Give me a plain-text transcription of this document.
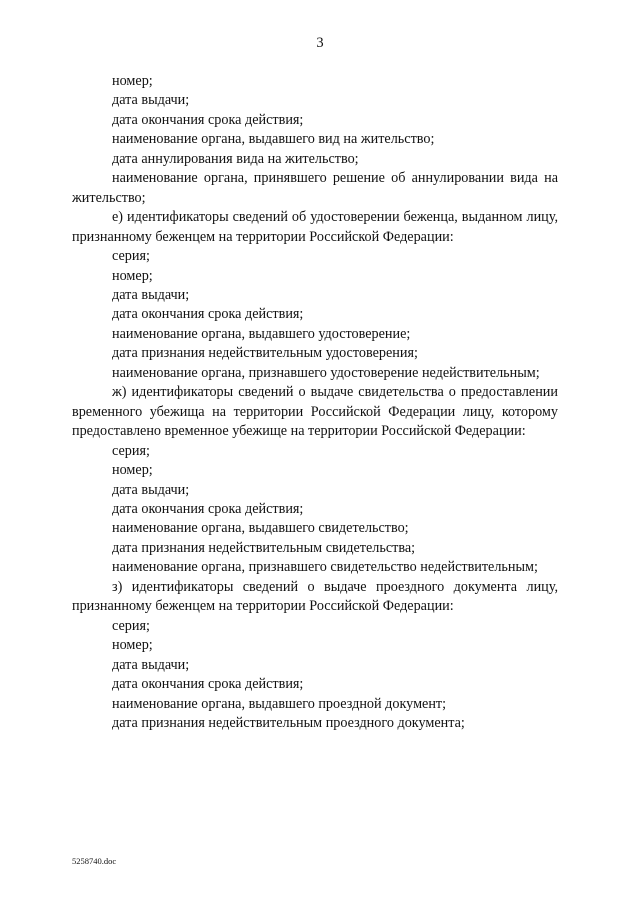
3

номер;

дата выдачи;

дата окончания срока действия;

наименование органа, выдавшего вид на жительство;

дата аннулирования вида на жительство;

наименование органа, принявшего решение об аннулировании вида на жительство;

е) идентификаторы сведений об удостоверении беженца, выданном лицу, признанному беженцем на территории Российской Федерации:

серия;

номер;

дата выдачи;

дата окончания срока действия;

наименование органа, выдавшего удостоверение;

дата признания недействительным удостоверения;

наименование органа, признавшего удостоверение недействительным;

ж) идентификаторы сведений о выдаче свидетельства о предоставлении временного убежища на территории Российской Федерации лицу, которому предоставлено временное убежище на территории Российской Федерации:

серия;

номер;

дата выдачи;

дата окончания срока действия;

наименование органа, выдавшего свидетельство;

дата признания недействительным свидетельства;

наименование органа, признавшего свидетельство недействительным;

з) идентификаторы сведений о выдаче проездного документа лицу, признанному беженцем на территории Российской Федерации:

серия;

номер;

дата выдачи;

дата окончания срока действия;

наименование органа, выдавшего проездной документ;

дата признания недействительным проездного документа;

5258740.doc
